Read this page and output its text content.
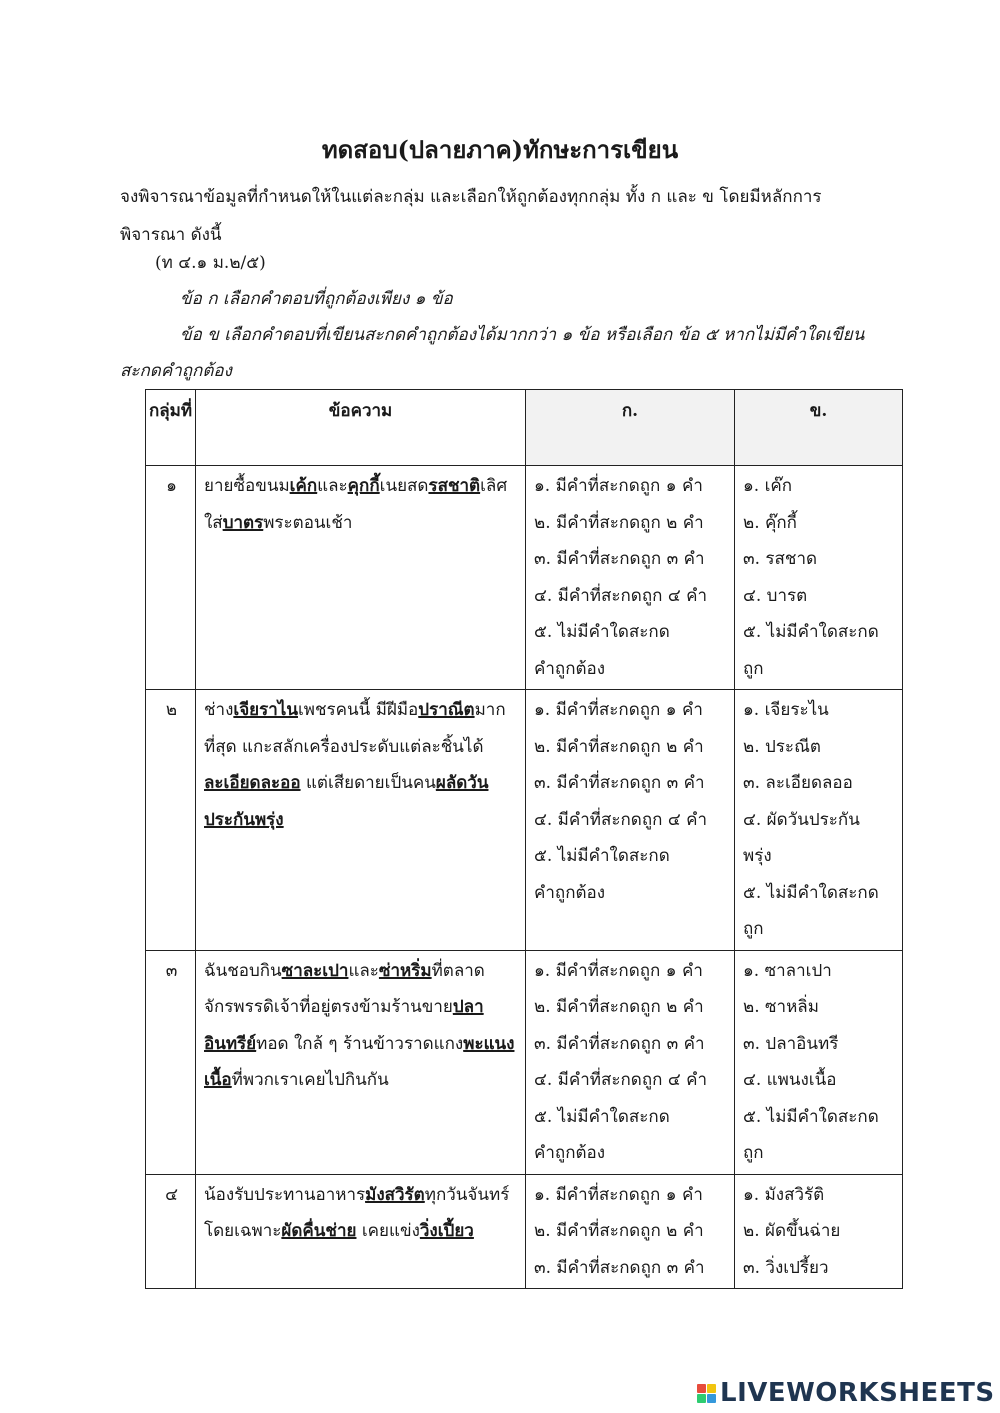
ทดสอบ(ปลายภาค)ทักษะการเขียน
จงพิจารณาข้อมูลที่กำหนดให้ในแต่ละกลุ่ม และเลือกให้ถูกต้องทุกกลุ่ม ทั้ง ก และ ข โดยมีหลักการ
พิจารณา ดังนี้
(ท ๔.๑ ม.๒/๕)
ข้อ ก เลือกคำตอบที่ถูกต้องเพียง ๑ ข้อ
ข้อ ข เลือกคำตอบที่เขียนสะกดคำถูกต้องได้มากกว่า ๑ ข้อ หรือเลือก ข้อ ๕ หากไม่มีคำใดเขียน
สะกดคำถูกต้อง
กลุ่มที่	ข้อความ	ก.	ข.
๑	ยายซื้อขนมเค้กและคุกกี้เนยสดรสชาติเลิศใส่บาตรพระตอนเช้า	๑. มีคำที่สะกดถูก ๑ คำ
๒. มีคำที่สะกดถูก ๒ คำ
๓. มีคำที่สะกดถูก ๓ คำ
๔. มีคำที่สะกดถูก ๔ คำ
๕. ไม่มีคำใดสะกดคำถูกต้อง	๑. เค๊ก
๒. คุ๊กกี้
๓. รสชาด
๔. บารต
๕. ไม่มีคำใดสะกดถูก

๒	ช่างเจียราไนเพชรคนนี้ มีฝีมือปราณีตมากที่สุด แกะสลักเครื่องประดับแต่ละชิ้นได้ ละเอียดละออ แต่เสียดายเป็นคนผลัดวันประกันพรุ่ง	๑. มีคำที่สะกดถูก ๑ คำ
๒. มีคำที่สะกดถูก ๒ คำ
๓. มีคำที่สะกดถูก ๓ คำ
๔. มีคำที่สะกดถูก ๔ คำ
๕. ไม่มีคำใดสะกดคำถูกต้อง	๑. เจียระไน
๒. ประณีต
๓. ละเอียดลออ
๔. ผัดวันประกันพรุ่ง
๕. ไม่มีคำใดสะกดถูก

๓	ฉันชอบกินซาละเปาและซ่าหริ่มที่ตลาดจักรพรรดิเจ้าที่อยู่ตรงข้ามร้านขายปลาอินทรีย์ทอด ใกล้ ๆ ร้านข้าวราดแกงพะแนงเนื้อที่พวกเราเคยไปกินกัน	๑. มีคำที่สะกดถูก ๑ คำ
๒. มีคำที่สะกดถูก ๒ คำ
๓. มีคำที่สะกดถูก ๓ คำ
๔. มีคำที่สะกดถูก ๔ คำ
๕. ไม่มีคำใดสะกดคำถูกต้อง	๑. ซาลาเปา
๒. ซาหลิ่ม
๓. ปลาอินทรี
๔. แพนงเนื้อ
๕. ไม่มีคำใดสะกดถูก

๔	น้องรับประทานอาหารมังสวิรัตทุกวันจันทร์โดยเฉพาะผัดคื่นช่าย เคยแข่งวิ่งเปี้ยว	๑. มีคำที่สะกดถูก ๑ คำ
๒. มีคำที่สะกดถูก ๒ คำ
๓. มีคำที่สะกดถูก ๓ คำ	๑. มังสวิรัติ
๒. ผัดขึ้นฉ่าย
๓. วิ่งเปรี้ยว
LIVEWORKSHEETS
